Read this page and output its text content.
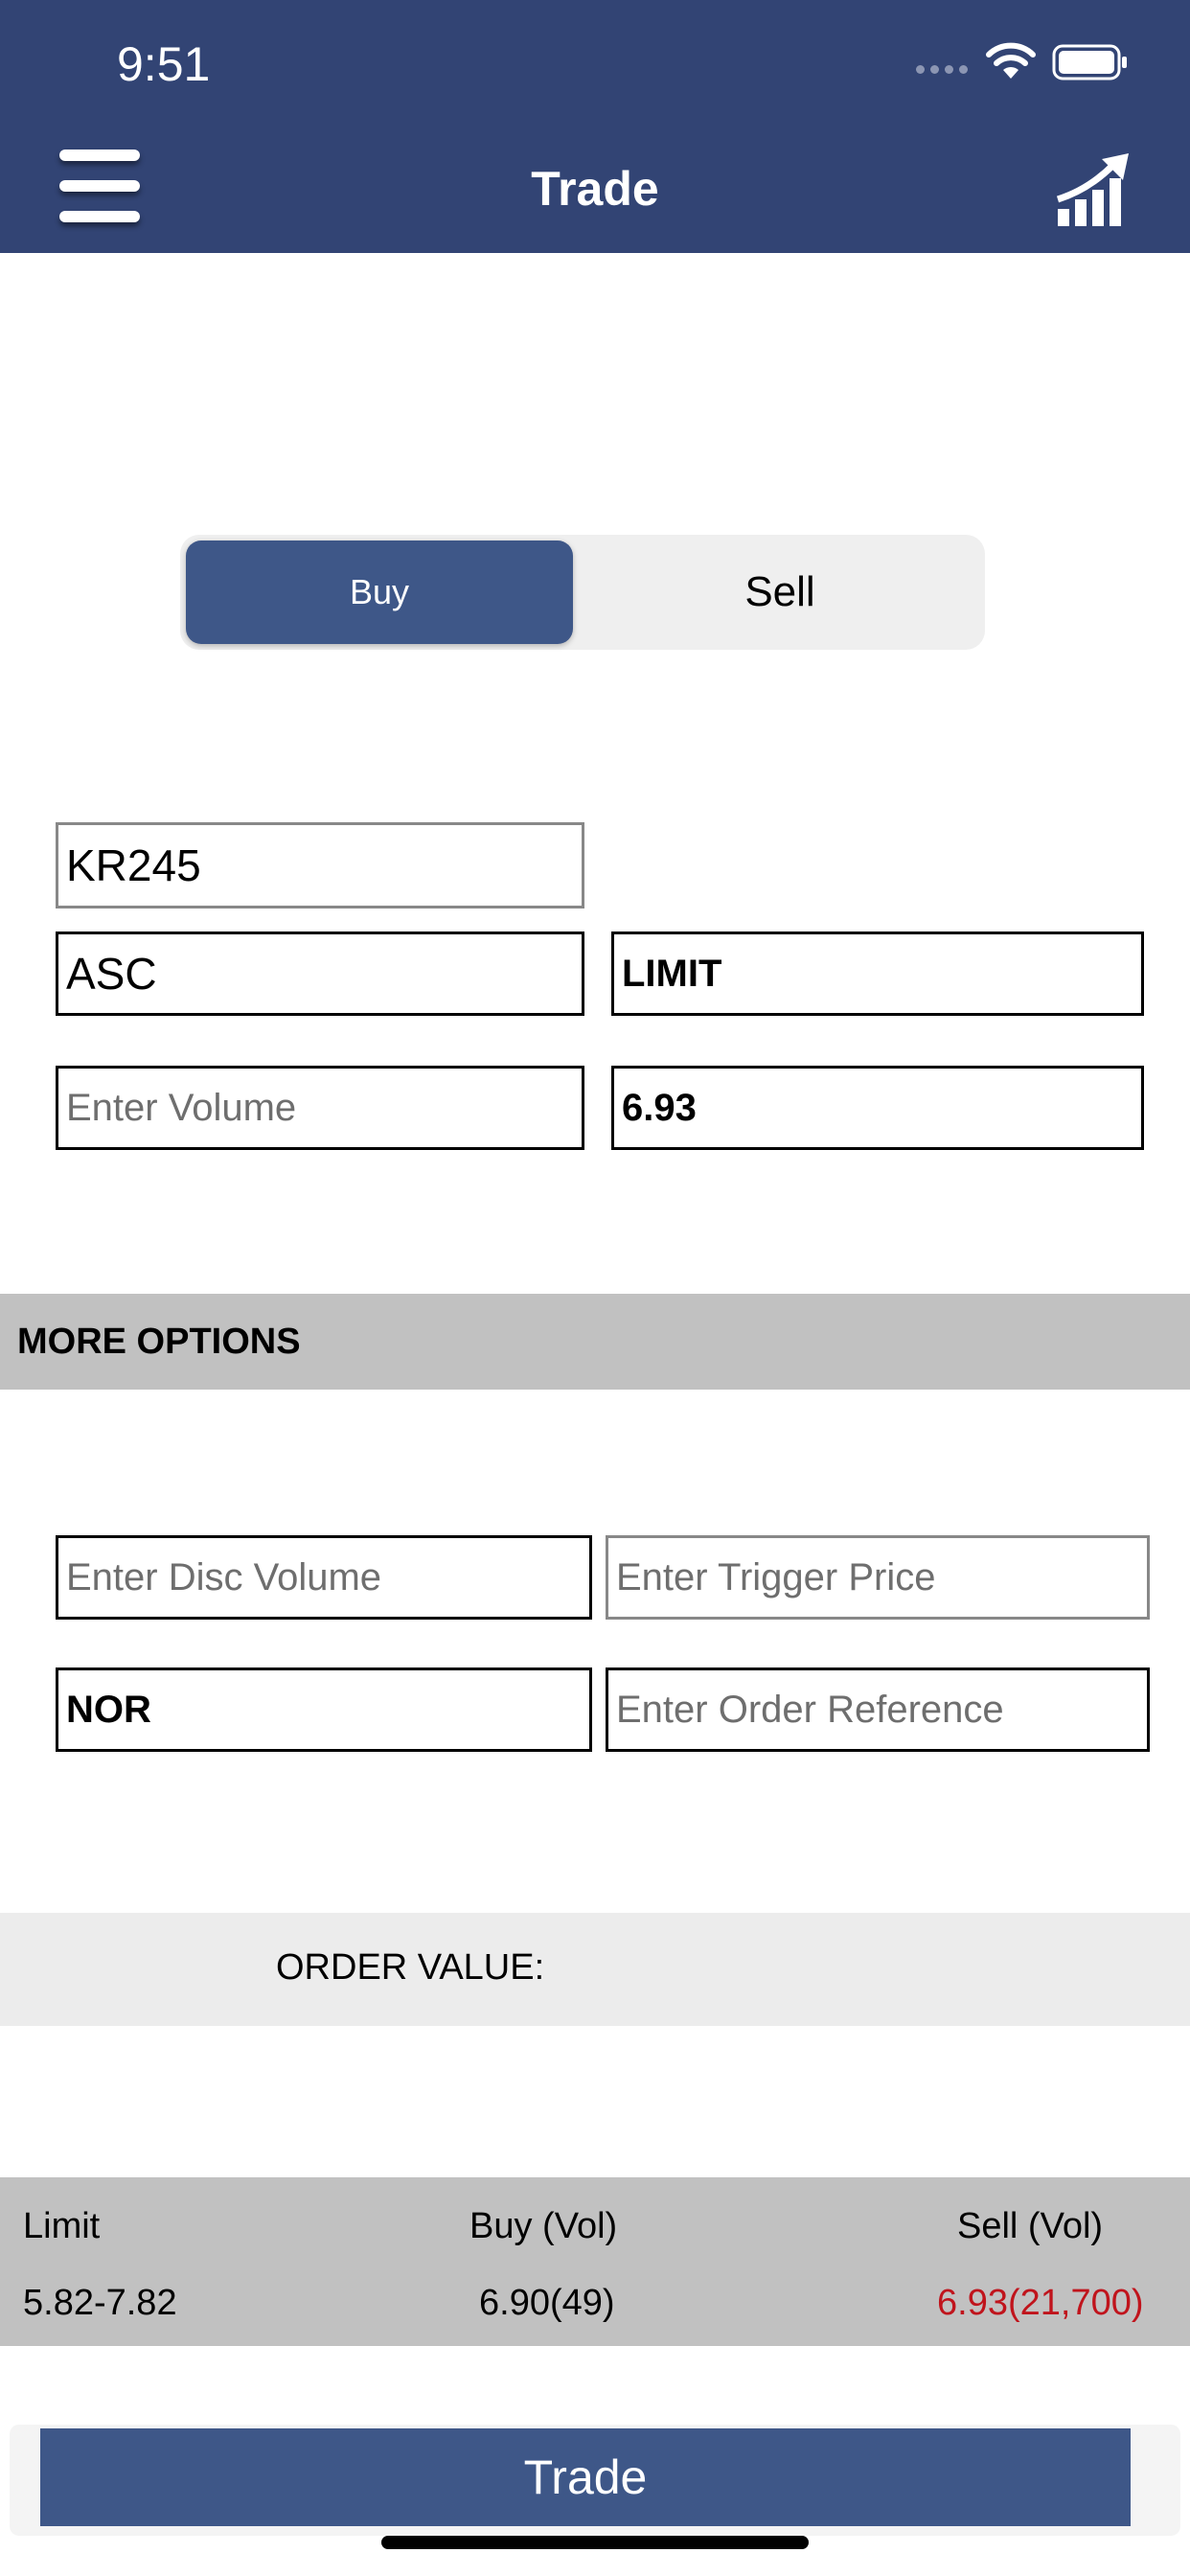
9:51
Trade
Buy	Sell
KR245
ASC	LIMIT
Enter Volume	6.93
MORE OPTIONS
Enter Disc Volume	Enter Trigger Price
NOR	Enter Order Reference
ORDER VALUE:
Limit	Buy (Vol)	Sell (Vol)
5.82-7.82	6.90(49)	6.93(21,700)
Trade
